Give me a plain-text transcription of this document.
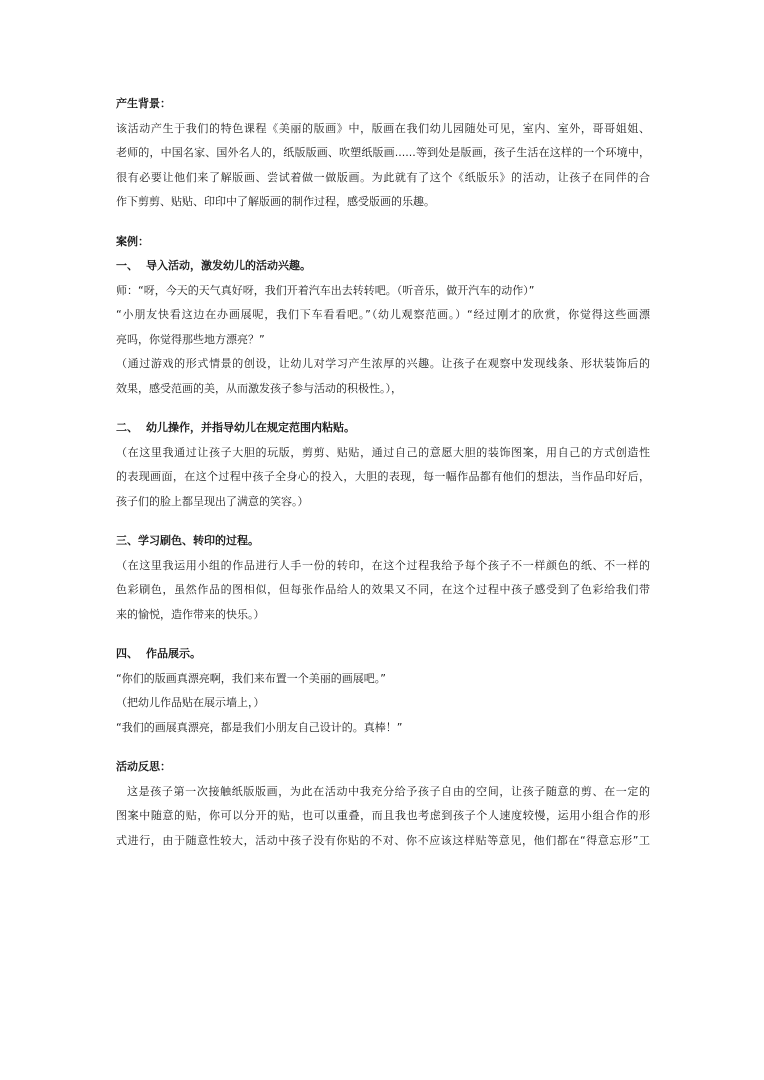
产生背景：
该活动产生于我们的特色课程《美丽的版画》中，版画在我们幼儿园随处可见，室内、室外，哥哥姐姐、
老师的，中国名家、国外名人的，纸版版画、吹塑纸版画......等到处是版画，孩子生活在这样的一个环境中，
很有必要让他们来了解版画、尝试着做一做版画。为此就有了这个《纸版乐》的活动，让孩子在同伴的合
作下剪剪、贴贴、印印中了解版画的制作过程，感受版画的乐趣。
案例：
一、 导入活动，激发幼儿的活动兴趣。
师：“呀，今天的天气真好呀，我们开着汽车出去转转吧。（听音乐，做开汽车的动作）”
“小朋友快看这边在办画展呢，我们下车看看吧。”（幼儿观察范画。）“经过刚才的欣赏，你觉得这些画漂
亮吗，你觉得那些地方漂亮？”
（通过游戏的形式情景的创设，让幼儿对学习产生浓厚的兴趣。让孩子在观察中发现线条、形状装饰后的
效果，感受范画的美，从而激发孩子参与活动的积极性。），
二、 幼儿操作，并指导幼儿在规定范围内粘贴。
（在这里我通过让孩子大胆的玩版，剪剪、贴贴，通过自己的意愿大胆的装饰图案，用自己的方式创造性
的表现画面，在这个过程中孩子全身心的投入，大胆的表现，每一幅作品都有他们的想法，当作品印好后，
孩子们的脸上都呈现出了满意的笑容。）
三、学习刷色、转印的过程。
（在这里我运用小组的作品进行人手一份的转印，在这个过程我给予每个孩子不一样颜色的纸、不一样的
色彩刷色，虽然作品的图相似，但每张作品给人的效果又不同，在这个过程中孩子感受到了色彩给我们带
来的愉悦，造作带来的快乐。）
四、 作品展示。
“你们的版画真漂亮啊，我们来布置一个美丽的画展吧。”
（把幼儿作品贴在展示墙上，）
“我们的画展真漂亮，都是我们小朋友自己设计的。真棒！”
活动反思：
这是孩子第一次接触纸版版画，为此在活动中我充分给予孩子自由的空间，让孩子随意的剪、在一定的
图案中随意的贴，你可以分开的贴，也可以重叠，而且我也考虑到孩子个人速度较慢，运用小组合作的形
式进行，由于随意性较大，活动中孩子没有你贴的不对、你不应该这样贴等意见，他们都在“得意忘形”工
